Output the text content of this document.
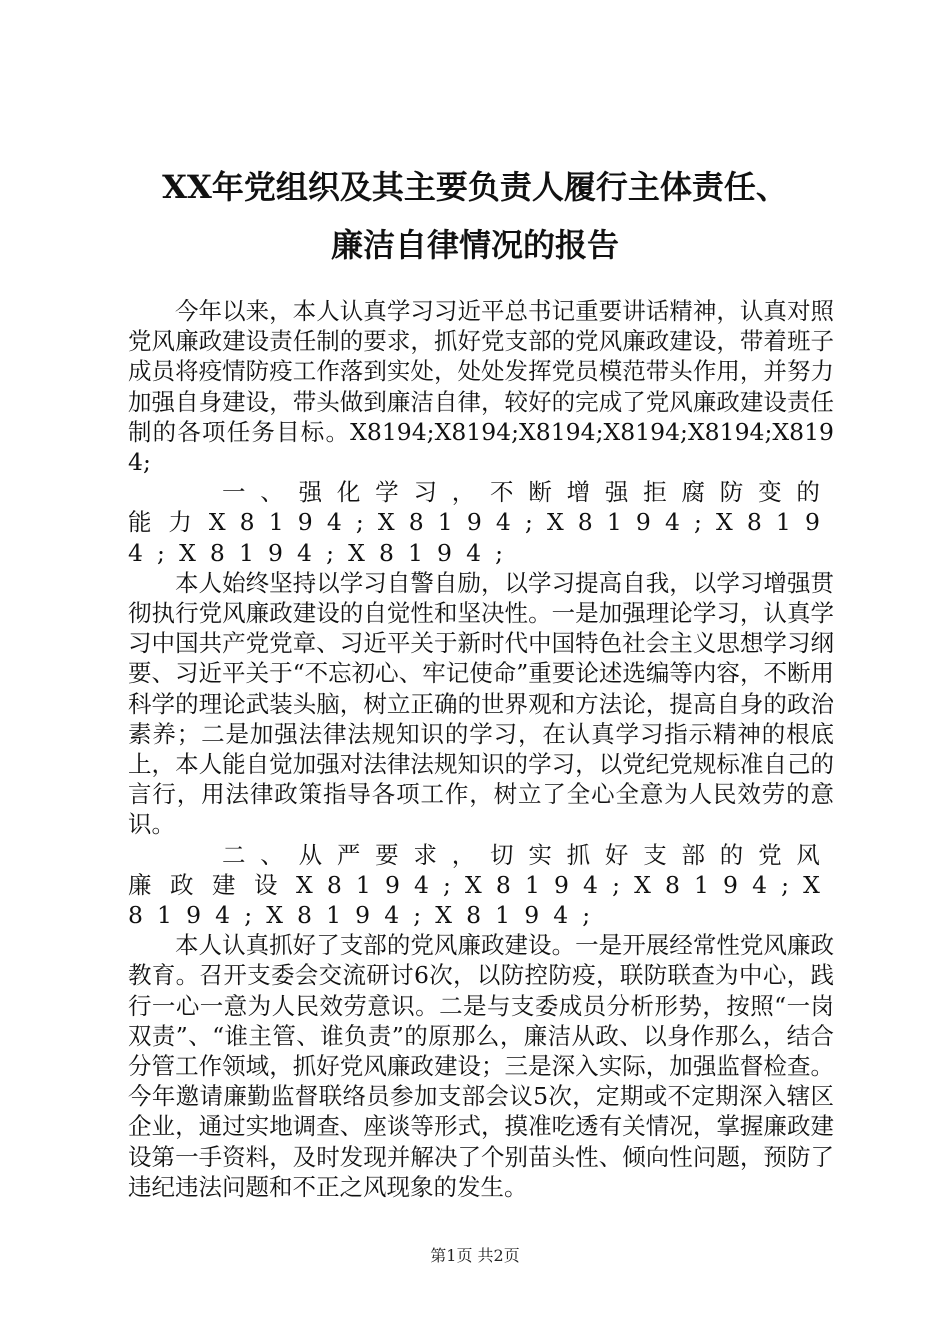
XX年党组织及其主要负责人履行主体责任、

廉洁自律情况的报告

今年以来，本人认真学习习近平总书记重要讲话精神，认真对照党风廉政建设责任制的要求，抓好党支部的党风廉政建设，带着班子成员将疫情防疫工作落到实处，处处发挥党员模范带头作用，并努力加强自身建设，带头做到廉洁自律，较好的完成了党风廉政建设责任制的各项任务目标。X8194;X8194;X8194;X8194;X8194;X8194;

一、强化学习，不断增强拒腐防变的能力X8194;X8194;X8194;X8194;X8194;X8194;

本人始终坚持以学习自警自励，以学习提高自我，以学习增强贯彻执行党风廉政建设的自觉性和坚决性。一是加强理论学习，认真学习中国共产党党章、习近平关于新时代中国特色社会主义思想学习纲要、习近平关于“不忘初心、牢记使命”重要论述选编等内容，不断用科学的理论武装头脑，树立正确的世界观和方法论，提高自身的政治素养；二是加强法律法规知识的学习，在认真学习指示精神的根底上，本人能自觉加强对法律法规知识的学习，以党纪党规标准自己的言行，用法律政策指导各项工作，树立了全心全意为人民效劳的意识。

二、从严要求，切实抓好支部的党风廉政建设X8194;X8194;X8194;X8194;X8194;X8194;

本人认真抓好了支部的党风廉政建设。一是开展经常性党风廉政教育。召开支委会交流研讨6次，以防控防疫，联防联查为中心，践行一心一意为人民效劳意识。二是与支委成员分析形势，按照“一岗双责”、“谁主管、谁负责”的原那么，廉洁从政、以身作那么，结合分管工作领域，抓好党风廉政建设；三是深入实际，加强监督检查。今年邀请廉勤监督联络员参加支部会议5次，定期或不定期深入辖区企业，通过实地调查、座谈等形式，摸准吃透有关情况，掌握廉政建设第一手资料，及时发现并解决了个别苗头性、倾向性问题，预防了违纪违法问题和不正之风现象的发生。

第1页 共2页
